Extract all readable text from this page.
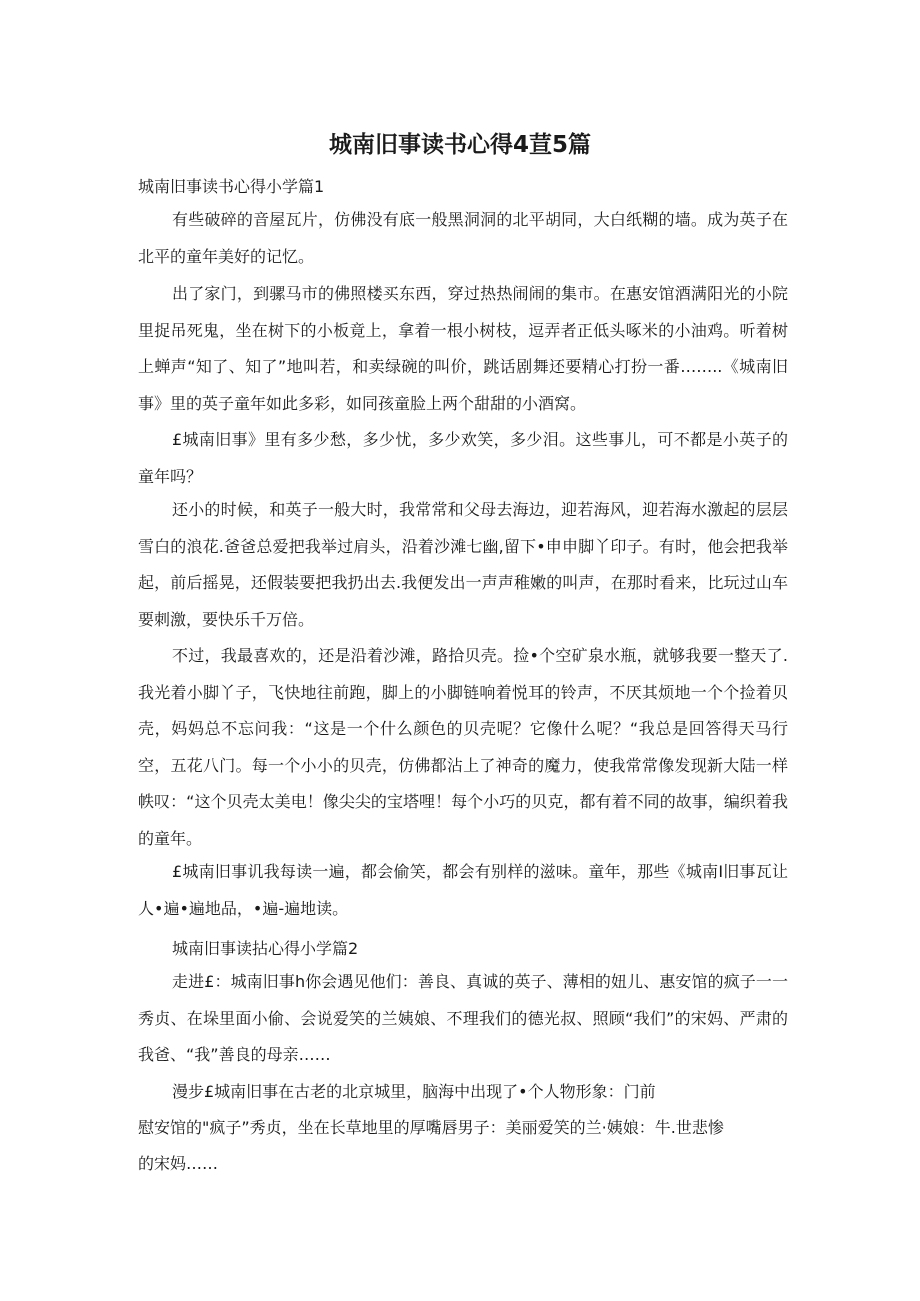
城南旧事读书心得4荁5篇
城南旧事读书心得小学篇1

有些破碎的音屋瓦片，仿佛没有底一般黑洞洞的北平胡同，大白纸糊的墙。成为英子在北平的童年美好的记忆。

出了家门，到骡马市的佛照楼买东西，穿过热热闹闹的集市。在惠安馆酒满阳光的小院里捉吊死鬼，坐在树下的小板竟上，拿着一根小树枝，逗弄者正低头啄米的小油鸡。听着树上蝉声“知了、知了”地叫若，和卖绿碗的叫价，跳话剧舞还要精心打扮一番……..《城南旧事》里的英子童年如此多彩，如同孩童脸上两个甜甜的小酒窝。

£城南旧事》里有多少愁，多少忧，多少欢笑，多少泪。这些事儿，可不都是小英子的童年吗？

还小的时候，和英子一般大时，我常常和父母去海边，迎若海风，迎若海水激起的层层雪白的浪花.爸爸总爱把我举过肩头，沿着沙滩七幽,留下•申申脚丫印子。有时，他会把我举起，前后摇晃，还假装要把我扔出去.我便发出一声声稚嫩的叫声，在那时看来，比玩过山车要刺激，要快乐千万倍。

不过，我最喜欢的，还是沿着沙滩，路拾贝壳。捡•个空矿泉水瓶，就够我要一整天了.我光着小脚丫子，飞快地往前跑，脚上的小脚链响着悦耳的铃声，不厌其烦地一个个捡着贝壳，妈妈总不忘问我：“这是一个什么颜色的贝壳呢？它像什么呢？“我总是回答得天马行空，五花八门。每一个小小的贝壳，仿佛都沾上了神奇的魔力，使我常常像发现新大陆一样帙叹：“这个贝壳太美电！像尖尖的宝塔哩！每个小巧的贝克，都有着不同的故事，编织着我的童年。

£城南旧事讥我每读一遍，都会偷笑，都会有别样的滋味。童年，那些《城南I旧事瓦让人•遍•遍地品，•遍-遍地读。

城南旧事读拈心得小学篇2

走进£：城南旧事h你会遇见他们：善良、真诚的英子、薄相的妞儿、惠安馆的疯子一一秀贞、在垛里面小偷、会说爱笑的兰姨娘、不理我们的德光叔、照顾“我们”的宋妈、严肃的我爸、“我”善良的母亲……

漫步£城南旧事在古老的北京城里，脑海中出现了•个人物形象：门前
慰安馆的"疯子”秀贞，坐在长草地里的厚嘴唇男子：美丽爱笑的兰·姨娘：牛.世悲惨
的宋妈……
